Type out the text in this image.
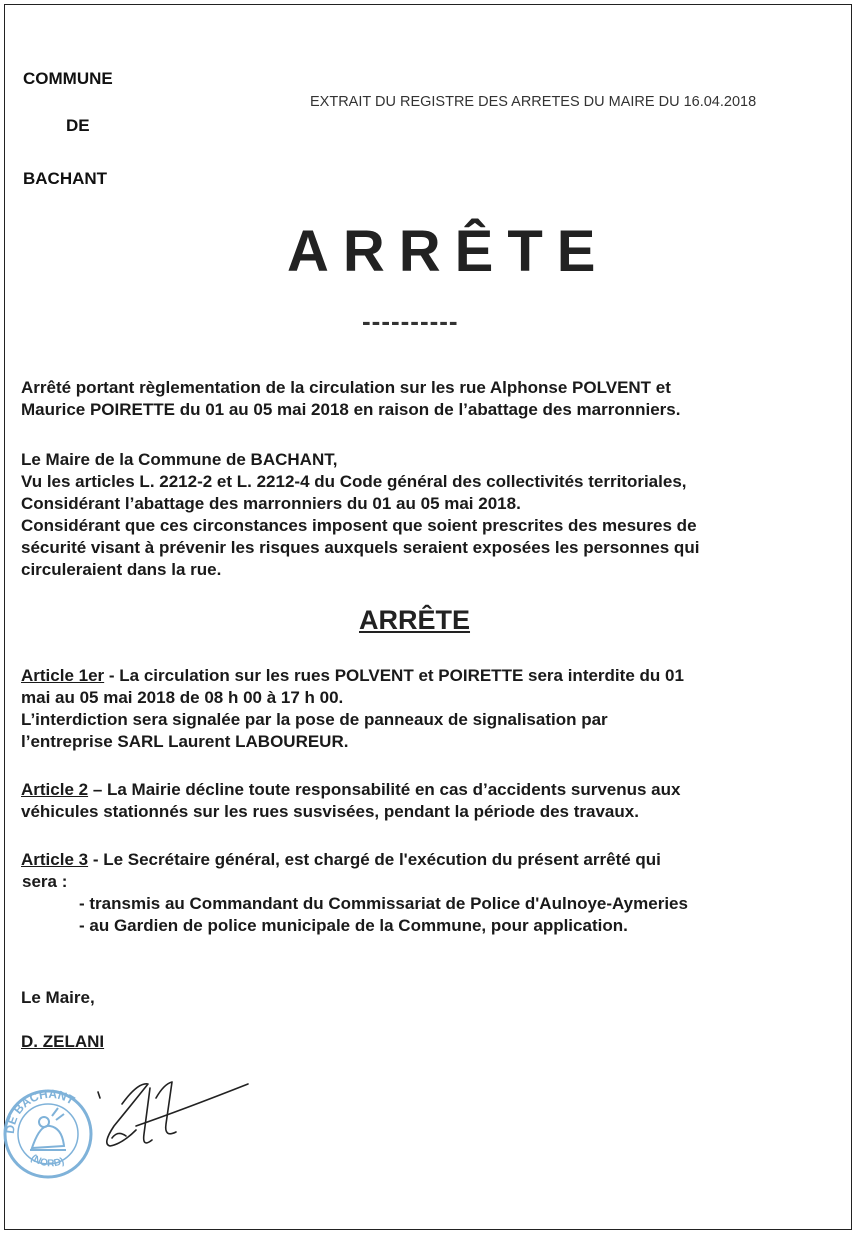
COMMUNE
DE
BACHANT
EXTRAIT DU REGISTRE DES ARRETES DU MAIRE DU 16.04.2018
ARRÊTE
----------
Arrêté portant règlementation de la circulation sur les rue Alphonse POLVENT et
Maurice POIRETTE du 01 au 05 mai 2018 en raison de l’abattage des marronniers.
Le Maire de la Commune de BACHANT,
Vu les articles L. 2212-2 et L. 2212-4 du Code général des collectivités territoriales,
Considérant l’abattage des marronniers du 01 au 05 mai 2018.
Considérant que ces circonstances imposent que soient prescrites des mesures de
sécurité visant à prévenir les risques auxquels seraient exposées les personnes qui
circuleraient dans la rue.
ARRÊTE
Article 1er - La circulation sur les rues POLVENT et POIRETTE sera interdite du 01
mai au 05 mai 2018 de 08 h 00 à 17 h 00.
L’interdiction sera signalée par la pose de panneaux de signalisation par
l’entreprise SARL Laurent LABOUREUR.
Article 2 – La Mairie décline toute responsabilité en cas d’accidents survenus aux
véhicules stationnés sur les rues susvisées, pendant la période des travaux.
Article 3 - Le Secrétaire général, est chargé de l'exécution du présent arrêté qui
sera :
- transmis au Commandant du Commissariat de Police d'Aulnoye-Aymeries
- au Gardien de police municipale de la Commune, pour application.
Le Maire,
D. ZELANI
DE BACHANT
(NORD)
